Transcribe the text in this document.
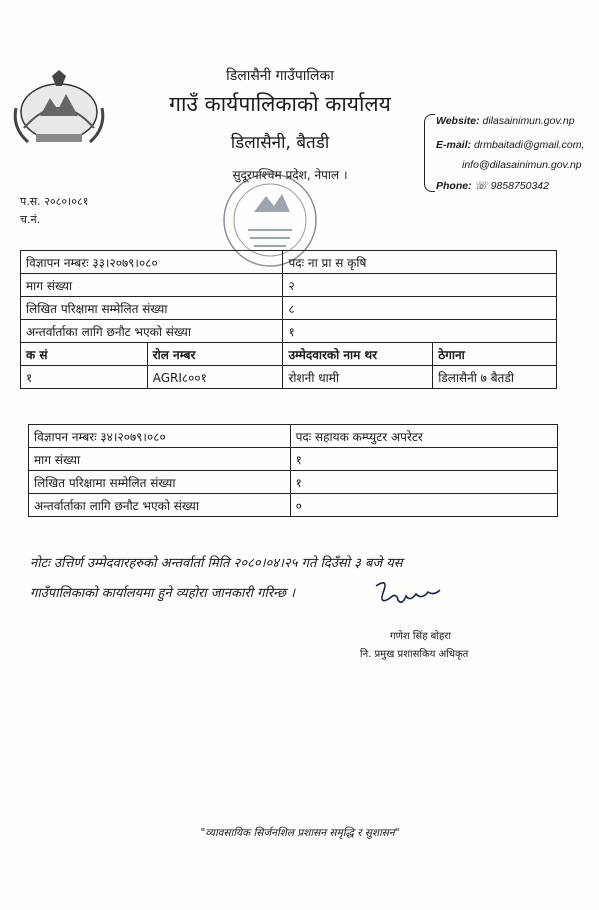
डिलासैनी गाउँपालिका
गाउँ कार्यपालिकाको कार्यालय
डिलासैनी, बैतडी
सुदूरपश्चिम प्रदेश, नेपाल ।
Website: dilasainimun.gov.np
E-mail: drmbaitadi@gmail.com,
info@dilasainimun.gov.np
Phone: ☏ 9858750342
प.स. २०८०।०८१
च.नं.
विज्ञापन नम्बरः ३३।२०७९।०८०		पदः ना प्रा स कृषि	
माग संख्या		२	
लिखित परिक्षामा सम्मेलित संख्या		८	
अन्तर्वार्ताका लागि छनौट भएको संख्या		१	
क सं	रोल नम्बर	उम्मेदवारको नाम थर	ठेगाना
१	AGRI८००१	रोशनी धामी	डिलासैनी ७ बैतडी
विज्ञापन नम्बरः ३४।२०७९।०८०	पदः सहायक कम्प्युटर अपरेटर
माग संख्या	१
लिखित परिक्षामा सम्मेलित संख्या	१
अन्तर्वार्ताका लागि छनौट भएको संख्या	०
नोटः उत्तिर्ण उम्मेदवारहरुको अन्तर्वार्ता मिति २०८०।०४।२५ गते दिउँसो ३ बजे यस
गाउँपालिकाको कार्यालयमा हुने व्यहोरा जानकारी गरिन्छ ।
गणेश सिंह बोहरा
नि. प्रमुख प्रशासकिय अधिकृत
"व्यावसायिक सिर्जनशिल प्रशासन समृद्धि र सुशासन"
